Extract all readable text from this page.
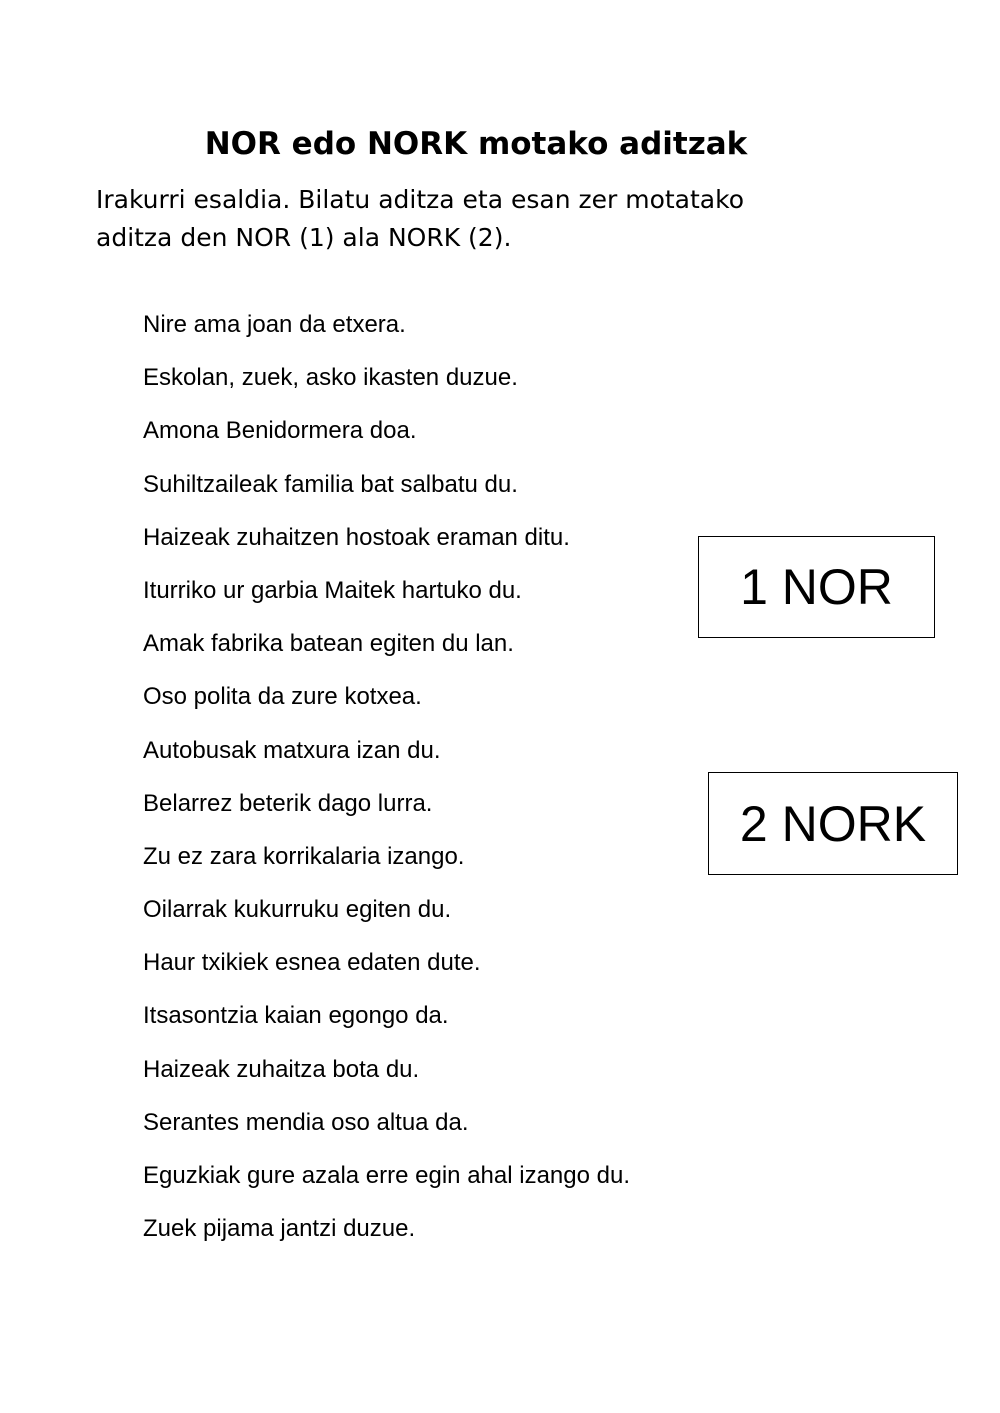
NOR edo NORK motako aditzak

Irakurri esaldia. Bilatu aditza eta esan zer motatako
aditza den NOR (1) ala NORK (2).

Nire ama joan da etxera.
Eskolan, zuek, asko ikasten duzue.
Amona Benidormera doa.
Suhiltzaileak familia bat salbatu du.
Haizeak zuhaitzen hostoak eraman ditu.
Iturriko ur garbia Maitek hartuko du.
Amak fabrika batean egiten du lan.
Oso polita da zure kotxea.
Autobusak matxura izan du.
Belarrez beterik dago lurra.
Zu ez zara korrikalaria izango.
Oilarrak kukurruku egiten du.
Haur txikiek esnea edaten dute.
Itsasontzia kaian egongo da.
Haizeak zuhaitza bota du.
Serantes mendia oso altua da.
Eguzkiak gure azala erre egin ahal izango du.
Zuek pijama jantzi duzue.
1 NOR
2 NORK
